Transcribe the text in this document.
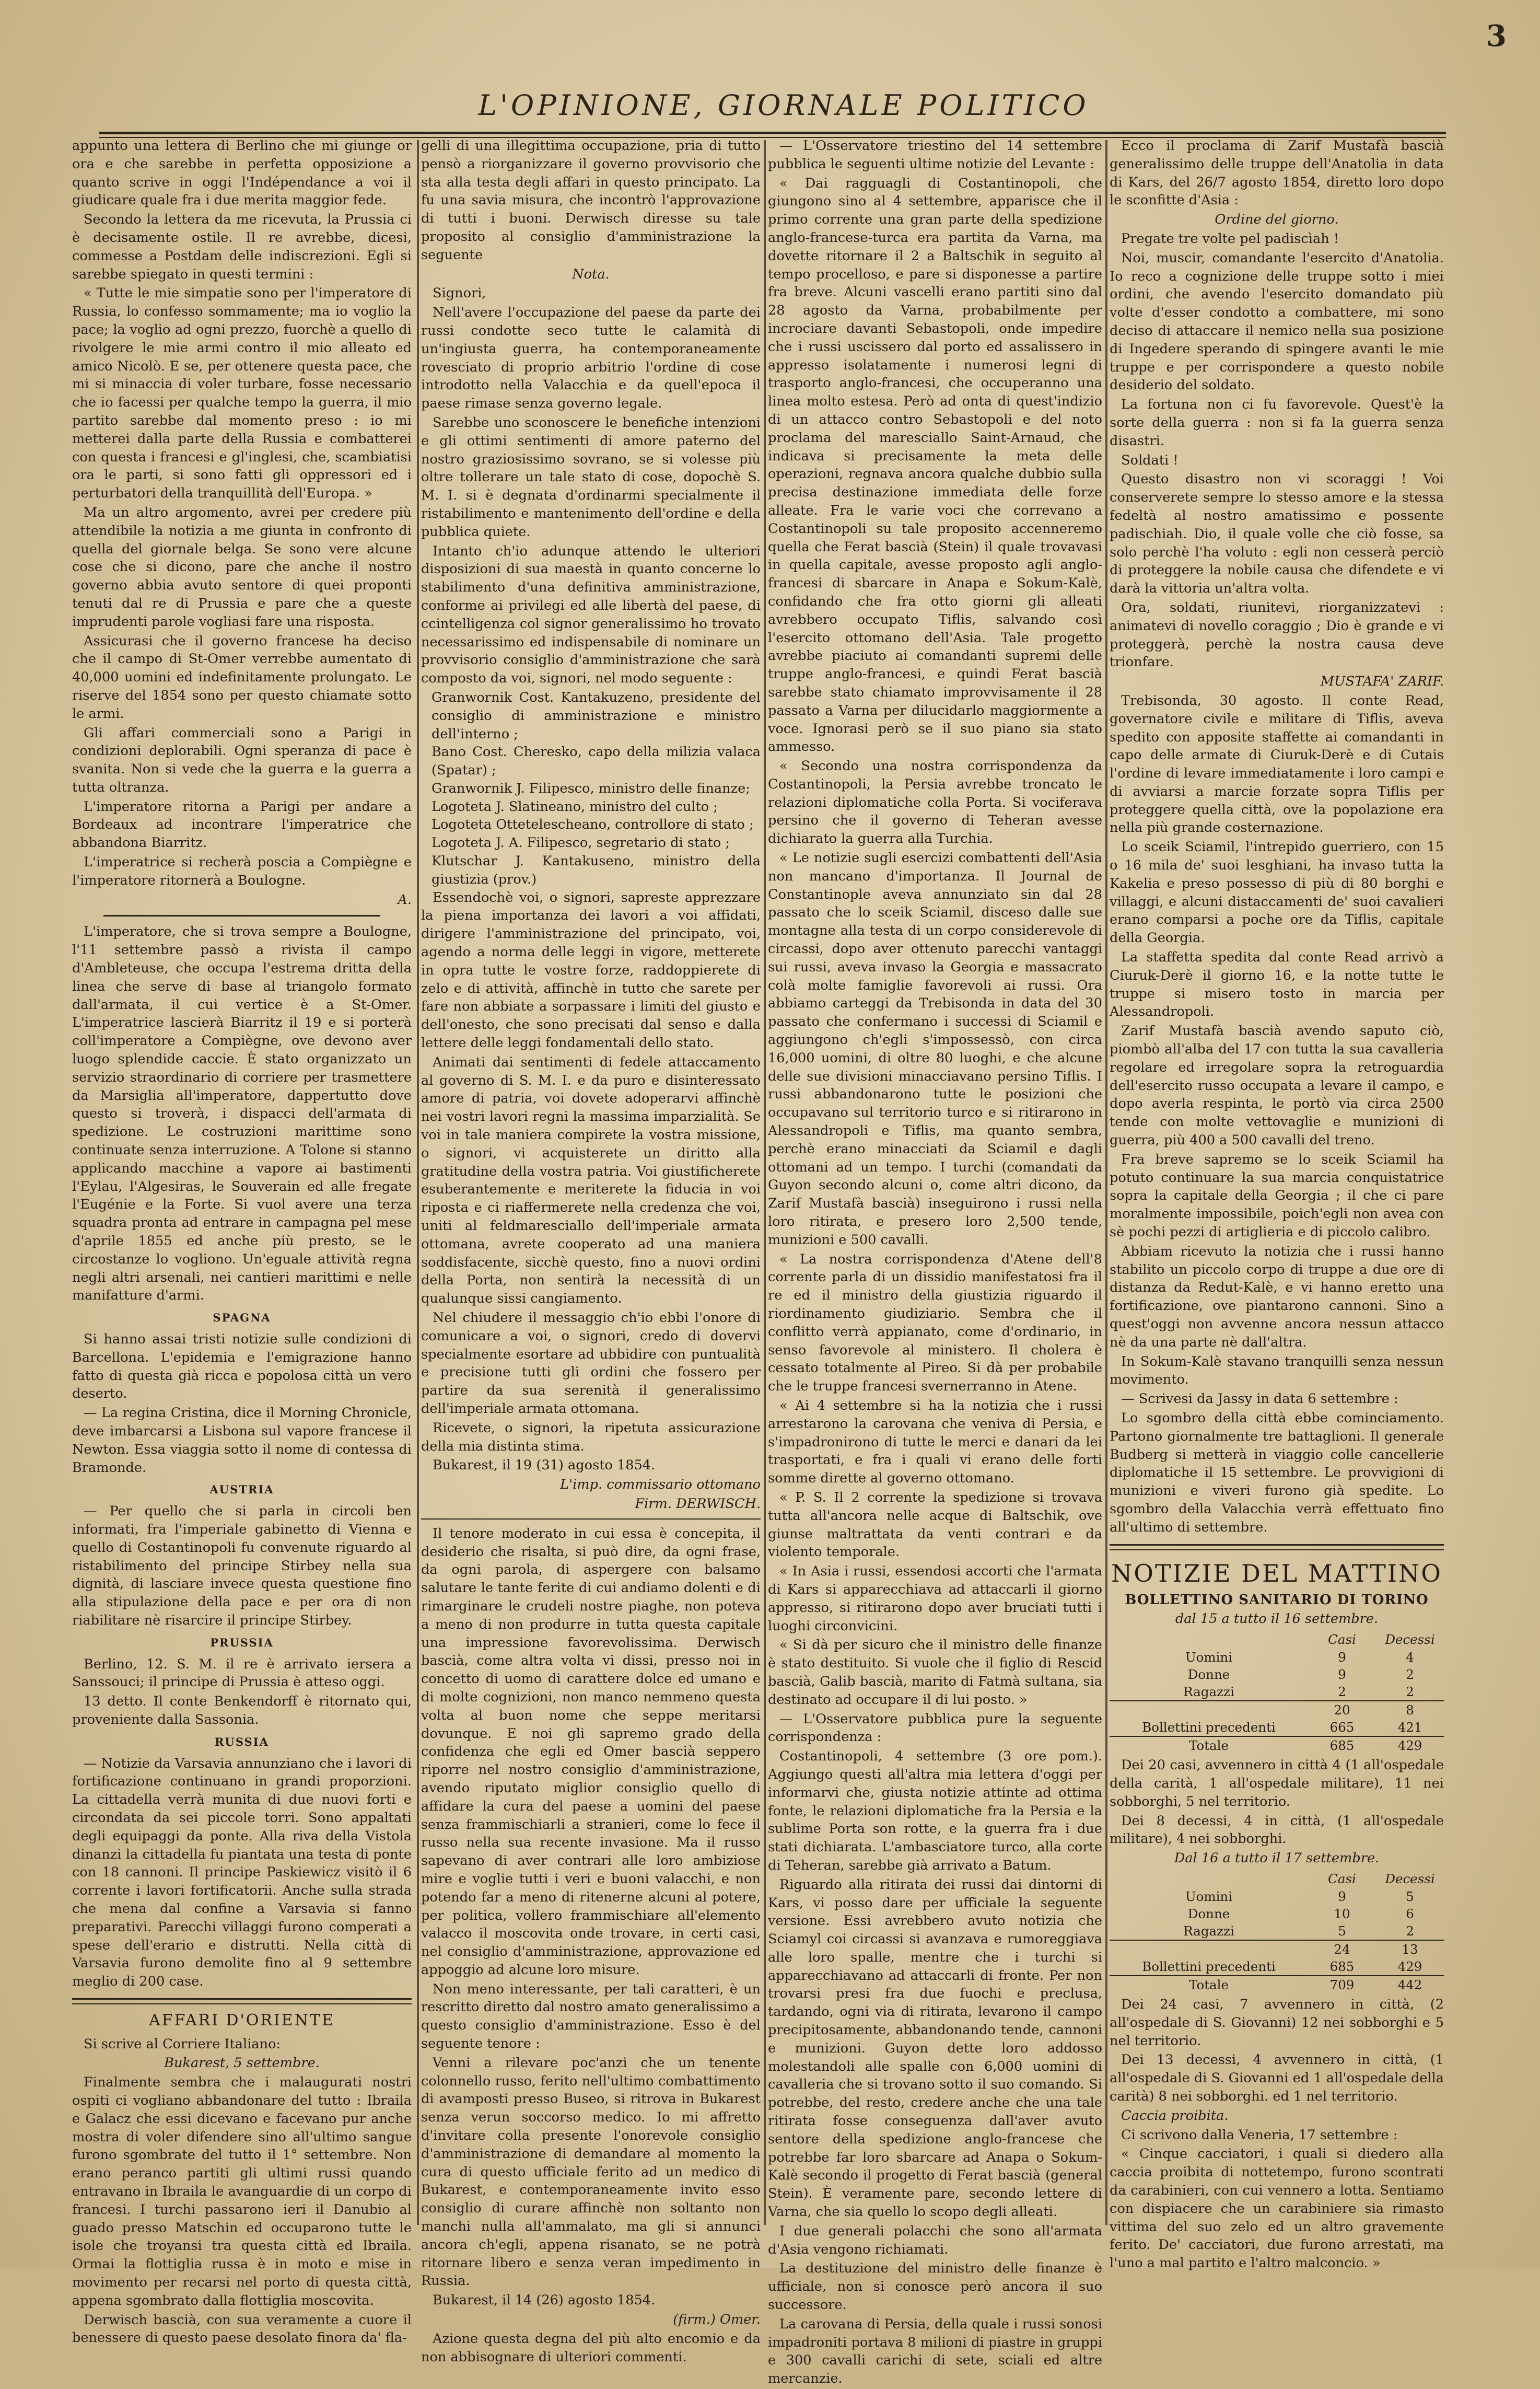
3
L'OPINIONE, GIORNALE POLITICO

appunto una lettera di Berlino che mi giunge or ora e che sarebbe in perfetta opposizione a quanto scrive in oggi l'Indépendance a voi il giudicare quale fra i due merita maggior fede.

Secondo la lettera da me ricevuta, la Prussia ci è decisamente ostile. Il re avrebbe, dicesi, commesse a Postdam delle indiscrezioni. Egli si sarebbe spiegato in questi termini :

« Tutte le mie simpatie sono per l'imperatore di Russia, lo confesso sommamente; ma io voglio la pace; la voglio ad ogni prezzo, fuorchè a quello di rivolgere le mie armi contro il mio alleato ed amico Nicolò. E se, per ottenere questa pace, che mi si minaccia di voler turbare, fosse necessario che io facessi per qualche tempo la guerra, il mio partito sarebbe dal momento preso : io mi metterei dalla parte della Russia e combatterei con questa i francesi e gl'inglesi, che, scambiatisi ora le parti, si sono fatti gli oppressori ed i perturbatori della tranquillità dell'Europa. »

Ma un altro argomento, avrei per credere più attendibile la notizia a me giunta in confronto di quella del giornale belga. Se sono vere alcune cose che si dicono, pare che anche il nostro governo abbia avuto sentore di quei proponti tenuti dal re di Prussia e pare che a queste imprudenti parole vogliasi fare una risposta.

Assicurasi che il governo francese ha deciso che il campo di St-Omer verrebbe aumentato di 40,000 uomini ed indefinitamente prolungato. Le riserve del 1854 sono per questo chiamate sotto le armi.

Gli affari commerciali sono a Parigi in condizioni deplorabili. Ogni speranza di pace è svanita. Non si vede che la guerra e la guerra a tutta oltranza.

L'imperatore ritorna a Parigi per andare a Bordeaux ad incontrare l'imperatrice che abbandona Biarritz.

L'imperatrice si recherà poscia a Compiègne e l'imperatore ritornerà a Boulogne.

A.

L'imperatore, che si trova sempre a Boulogne, l'11 settembre passò a rivista il campo d'Ambleteuse, che occupa l'estrema dritta della linea che serve di base al triangolo formato dall'armata, il cui vertice è a St-Omer. L'imperatrice lascierà Biarritz il 19 e si porterà coll'imperatore a Compiègne, ove devono aver luogo splendide caccie. È stato organizzato un servizio straordinario di corriere per trasmettere da Marsiglia all'imperatore, dappertutto dove questo si troverà, i dispacci dell'armata di spedizione. Le costruzioni marittime sono continuate senza interruzione. A Tolone si stanno applicando macchine a vapore ai bastimenti l'Eylau, l'Algesiras, le Souverain ed alle fregate l'Eugénie e la Forte. Si vuol avere una terza squadra pronta ad entrare in campagna pel mese d'aprile 1855 ed anche più presto, se le circostanze lo vogliono. Un'eguale attività regna negli altri arsenali, nei cantieri marittimi e nelle manifatture d'armi.

SPAGNA

Si hanno assai tristi notizie sulle condizioni di Barcellona. L'epidemia e l'emigrazione hanno fatto di questa già ricca e popolosa città un vero deserto.

— La regina Cristina, dice il Morning Chronicle, deve imbarcarsi a Lisbona sul vapore francese il Newton. Essa viaggia sotto il nome di contessa di Bramonde.

AUSTRIA

— Per quello che si parla in circoli ben informati, fra l'imperiale gabinetto di Vienna e quello di Costantinopoli fu convenute riguardo al ristabilimento del principe Stirbey nella sua dignità, di lasciare invece questa questione fino alla stipulazione della pace e per ora di non riabilitare nè risarcire il principe Stirbey.

PRUSSIA

Berlino, 12. S. M. il re è arrivato iersera a Sanssouci; il principe di Prussia è atteso oggi.

13 detto. Il conte Benkendorff è ritornato qui, proveniente dalla Sassonia.

RUSSIA

— Notizie da Varsavia annunziano che i lavori di fortificazione continuano in grandi proporzioni. La cittadella verrà munita di due nuovi forti e circondata da sei piccole torri. Sono appaltati degli equipaggi da ponte. Alla riva della Vistola dinanzi la cittadella fu piantata una testa di ponte con 18 cannoni. Il principe Paskiewicz visitò il 6 corrente i lavori fortificatorii. Anche sulla strada che mena dal confine a Varsavia si fanno preparativi. Parecchi villaggi furono comperati a spese dell'erario e distrutti. Nella città di Varsavia furono demolite fino al 9 settembre meglio di 200 case.

AFFARI D'ORIENTE

Si scrive al Corriere Italiano:

Bukarest, 5 settembre.

Finalmente sembra che i malaugurati nostri ospiti ci vogliano abbandonare del tutto : Ibraila e Galacz che essi dicevano e facevano pur anche mostra di voler difendere sino all'ultimo sangue furono sgombrate del tutto il 1° settembre. Non erano peranco partiti gli ultimi russi quando entravano in Ibraila le avanguardie di un corpo di francesi. I turchi passarono ieri il Danubio al guado presso Matschin ed occuparono tutte le isole che troyansi tra questa città ed Ibraila. Ormai la flottiglia russa è in moto e mise in movimento per recarsi nel porto di questa città, appena sgombrato dalla flottiglia moscovita.

Derwisch bascià, con sua veramente a cuore il benessere di questo paese desolato finora da' fla-

gelli di una illegittima occupazione, pria di tutto pensò a riorganizzare il governo provvisorio che sta alla testa degli affari in questo principato. La fu una savia misura, che incontrò l'approvazione di tutti i buoni. Derwisch diresse su tale proposito al consiglio d'amministrazione la seguente

Nota.

Signori,

Nell'avere l'occupazione del paese da parte dei russi condotte seco tutte le calamità di un'ingiusta guerra, ha contemporaneamente rovesciato di proprio arbitrio l'ordine di cose introdotto nella Valacchia e da quell'epoca il paese rimase senza governo legale.

Sarebbe uno sconoscere le benefiche intenzioni e gli ottimi sentimenti di amore paterno del nostro graziosissimo sovrano, se si volesse più oltre tollerare un tale stato di cose, dopochè S. M. I. si è degnata d'ordinarmi specialmente il ristabilimento e mantenimento dell'ordine e della pubblica quiete.

Intanto ch'io adunque attendo le ulteriori disposizioni di sua maestà in quanto concerne lo stabilimento d'una definitiva amministrazione, conforme ai privilegi ed alle libertà del paese, di ccintelligenza col signor generalissimo ho trovato necessarissimo ed indispensabile di nominare un provvisorio consiglio d'amministrazione che sarà composto da voi, signori, nel modo seguente :

Granwornik Cost. Kantakuzeno, presidente del consiglio di amministrazione e ministro dell'interno ;

Bano Cost. Cheresko, capo della milizia valaca (Spatar) ;

Granwornik J. Filipesco, ministro delle finanze;

Logoteta J. Slatineano, ministro del culto ;

Logoteta Ottetelescheano, controllore di stato ;

Logoteta J. A. Filipesco, segretario di stato ;

Klutschar J. Kantakuseno, ministro della giustizia (prov.)

Essendochè voi, o signori, sapreste apprezzare la piena importanza dei lavori a voi affidati, dirigere l'amministrazione del principato, voi, agendo a norma delle leggi in vigore, metterete in opra tutte le vostre forze, raddoppierete di zelo e di attività, affinchè in tutto che sarete per fare non abbiate a sorpassare i limiti del giusto e dell'onesto, che sono precisati dal senso e dalla lettere delle leggi fondamentali dello stato.

Animati dai sentimenti di fedele attaccamento al governo di S. M. I. e da puro e disinteressato amore di patria, voi dovete adoperarvi affinchè nei vostri lavori regni la massima imparzialità. Se voi in tale maniera compirete la vostra missione, o signori, vi acquisterete un diritto alla gratitudine della vostra patria. Voi giustificherete esuberantemente e meriterete la fiducia in voi riposta e ci riaffermerete nella credenza che voi, uniti al feldmaresciallo dell'imperiale armata ottomana, avrete cooperato ad una maniera soddisfacente, sicchè questo, fino a nuovi ordini della Porta, non sentirà la necessità di un qualunque sissi cangiamento.

Nel chiudere il messaggio ch'io ebbi l'onore di comunicare a voi, o signori, credo di dovervi specialmente esortare ad ubbidire con puntualità e precisione tutti gli ordini che fossero per partire da sua serenità il generalissimo dell'imperiale armata ottomana.

Ricevete, o signori, la ripetuta assicurazione della mia distinta stima.

Bukarest, il 19 (31) agosto 1854.

L'imp. commissario ottomano

Firm. DERWISCH.

Il tenore moderato in cui essa è concepita, il desiderio che risalta, si può dire, da ogni frase, da ogni parola, di aspergere con balsamo salutare le tante ferite di cui andiamo dolenti e di rimarginare le crudeli nostre piaghe, non poteva a meno di non produrre in tutta questa capitale una impressione favorevolissima. Derwisch bascià, come altra volta vi dissi, presso noi in concetto di uomo di carattere dolce ed umano e di molte cognizioni, non manco nemmeno questa volta al buon nome che seppe meritarsi dovunque. E noi gli sapremo grado della confidenza che egli ed Omer bascià seppero riporre nel nostro consiglio d'amministrazione, avendo riputato miglior consiglio quello di affidare la cura del paese a uomini del paese senza frammischiarli a stranieri, come lo fece il russo nella sua recente invasione. Ma il russo sapevano di aver contrari alle loro ambiziose mire e voglie tutti i veri e buoni valacchi, e non potendo far a meno di ritenerne alcuni al potere, per politica, vollero frammischiare all'elemento valacco il moscovita onde trovare, in certi casi, nel consiglio d'amministrazione, approvazione ed appoggio ad alcune loro misure.

Non meno interessante, per tali caratteri, è un rescritto diretto dal nostro amato generalissimo a questo consiglio d'amministrazione. Esso è del seguente tenore :

Venni a rilevare poc'anzi che un tenente colonnello russo, ferito nell'ultimo combattimento di avamposti presso Buseo, si ritrova in Bukarest senza verun soccorso medico. Io mi affretto d'invitare colla presente l'onorevole consiglio d'amministrazione di demandare al momento la cura di questo ufficiale ferito ad un medico di Bukarest, e contemporaneamente invito esso consiglio di curare affinchè non soltanto non manchi nulla all'ammalato, ma gli si annunci ancora ch'egli, appena risanato, se ne potrà ritornare libero e senza veran impedimento in Russia.

Bukarest, il 14 (26) agosto 1854.

(firm.) Omer.

Azione questa degna del più alto encomio e da non abbisognare di ulteriori commenti.

— L'Osservatore triestino del 14 settembre pubblica le seguenti ultime notizie del Levante :

« Dai ragguagli di Costantinopoli, che giungono sino al 4 settembre, apparisce che il primo corrente una gran parte della spedizione anglo-francese-turca era partita da Varna, ma dovette ritornare il 2 a Baltschik in seguito al tempo procelloso, e pare si disponesse a partire fra breve. Alcuni vascelli erano partiti sino dal 28 agosto da Varna, probabilmente per incrociare davanti Sebastopoli, onde impedire che i russi uscissero dal porto ed assalissero in appresso isolatamente i numerosi legni di trasporto anglo-francesi, che occuperanno una linea molto estesa. Però ad onta di quest'indizio di un attacco contro Sebastopoli e del noto proclama del maresciallo Saint-Arnaud, che indicava si precisamente la meta delle operazioni, regnava ancora qualche dubbio sulla precisa destinazione immediata delle forze alleate. Fra le varie voci che correvano a Costantinopoli su tale proposito accenneremo quella che Ferat bascià (Stein) il quale trovavasi in quella capitale, avesse proposto agli anglo-francesi di sbarcare in Anapa e Sokum-Kalè, confidando che fra otto giorni gli alleati avrebbero occupato Tiflis, salvando così l'esercito ottomano dell'Asia. Tale progetto avrebbe piaciuto ai comandanti supremi delle truppe anglo-francesi, e quindi Ferat bascià sarebbe stato chiamato improvvisamente il 28 passato a Varna per dilucidarlo maggiormente a voce. Ignorasi però se il suo piano sia stato ammesso.

« Secondo una nostra corrispondenza da Costantinopoli, la Persia avrebbe troncato le relazioni diplomatiche colla Porta. Si vociferava persino che il governo di Teheran avesse dichiarato la guerra alla Turchia.

« Le notizie sugli esercizi combattenti dell'Asia non mancano d'importanza. Il Journal de Constantinople aveva annunziato sin dal 28 passato che lo sceik Sciamil, disceso dalle sue montagne alla testa di un corpo considerevole di circassi, dopo aver ottenuto parecchi vantaggi sui russi, aveva invaso la Georgia e massacrato colà molte famiglie favorevoli ai russi. Ora abbiamo carteggi da Trebisonda in data del 30 passato che confermano i successi di Sciamil e aggiungono ch'egli s'impossessò, con circa 16,000 uomini, di oltre 80 luoghi, e che alcune delle sue divisioni minacciavano persino Tiflis. I russi abbandonarono tutte le posizioni che occupavano sul territorio turco e si ritirarono in Alessandropoli e Tiflis, ma quanto sembra, perchè erano minacciati da Sciamil e dagli ottomani ad un tempo. I turchi (comandati da Guyon secondo alcuni o, come altri dicono, da Zarif Mustafà bascià) inseguirono i russi nella loro ritirata, e presero loro 2,500 tende, munizioni e 500 cavalli.

« La nostra corrispondenza d'Atene dell'8 corrente parla di un dissidio manifestatosi fra il re ed il ministro della giustizia riguardo il riordinamento giudiziario. Sembra che il conflitto verrà appianato, come d'ordinario, in senso favorevole al ministero. Il cholera è cessato totalmente al Pireo. Si dà per probabile che le truppe francesi svernerranno in Atene.

« Ai 4 settembre si ha la notizia che i russi arrestarono la carovana che veniva di Persia, e s'impadronirono di tutte le merci e danari da lei trasportati, e fra i quali vi erano delle forti somme dirette al governo ottomano.

« P. S. Il 2 corrente la spedizione si trovava tutta all'ancora nelle acque di Baltschik, ove giunse maltrattata da venti contrari e da violento temporale.

« In Asia i russi, essendosi accorti che l'armata di Kars si apparecchiava ad attaccarli il giorno appresso, si ritirarono dopo aver bruciati tutti i luoghi circonvicini.

« Si dà per sicuro che il ministro delle finanze è stato destituito. Si vuole che il figlio di Rescid bascià, Galib bascià, marito di Fatmà sultana, sia destinato ad occupare il di lui posto. »

— L'Osservatore pubblica pure la seguente corrispondenza :

Costantinopoli, 4 settembre (3 ore pom.). Aggiungo questi all'altra mia lettera d'oggi per informarvi che, giusta notizie attinte ad ottima fonte, le relazioni diplomatiche fra la Persia e la sublime Porta son rotte, e la guerra fra i due stati dichiarata. L'ambasciatore turco, alla corte di Teheran, sarebbe già arrivato a Batum.

Riguardo alla ritirata dei russi dai dintorni di Kars, vi posso dare per ufficiale la seguente versione. Essi avrebbero avuto notizia che Sciamyl coi circassi si avanzava e rumoreggiava alle loro spalle, mentre che i turchi si apparecchiavano ad attaccarli di fronte. Per non trovarsi presi fra due fuochi e preclusa, tardando, ogni via di ritirata, levarono il campo precipitosamente, abbandonando tende, cannoni e munizioni. Guyon dette loro addosso molestandoli alle spalle con 6,000 uomini di cavalleria che si trovano sotto il suo comando. Si potrebbe, del resto, credere anche che una tale ritirata fosse conseguenza dall'aver avuto sentore della spedizione anglo-francese che potrebbe far loro sbarcare ad Anapa o Sokum-Kalè secondo il progetto di Ferat bascià (general Stein). È veramente pare, secondo lettere di Varna, che sia quello lo scopo degli alleati.

I due generali polacchi che sono all'armata d'Asia vengono richiamati.

La destituzione del ministro delle finanze è ufficiale, non si conosce però ancora il suo successore.

La carovana di Persia, della quale i russi sonosi impadroniti portava 8 milioni di piastre in gruppi e 300 cavalli carichi di sete, sciali ed altre mercanzie.

Ecco il proclama di Zarif Mustafà bascià generalissimo delle truppe dell'Anatolia in data di Kars, del 26/7 agosto 1854, diretto loro dopo le sconfitte d'Asia :

Ordine del giorno.

Pregate tre volte pel padiscìah !

Noi, muscir, comandante l'esercito d'Anatolia. Io reco a cognizione delle truppe sotto i miei ordini, che avendo l'esercito domandato più volte d'esser condotto a combattere, mi sono deciso di attaccare il nemico nella sua posizione di Ingedere sperando di spingere avanti le mie truppe e per corrispondere a questo nobile desiderio del soldato.

La fortuna non ci fu favorevole. Quest'è la sorte della guerra : non si fa la guerra senza disastri.

Soldati !

Questo disastro non vi scoraggi ! Voi conserverete sempre lo stesso amore e la stessa fedeltà al nostro amatissimo e possente padischiah. Dio, il quale volle che ciò fosse, sa solo perchè l'ha voluto : egli non cesserà perciò di proteggere la nobile causa che difendete e vi darà la vittoria un'altra volta.

Ora, soldati, riunitevi, riorganizzatevi : animatevi di novello coraggio ; Dio è grande e vi proteggerà, perchè la nostra causa deve trionfare.

MUSTAFA' ZARIF.

Trebisonda, 30 agosto. Il conte Read, governatore civile e militare di Tiflis, aveva spedito con apposite staffette ai comandanti in capo delle armate di Ciuruk-Derè e di Cutais l'ordine di levare immediatamente i loro campi e di avviarsi a marcie forzate sopra Tiflis per proteggere quella città, ove la popolazione era nella più grande costernazione.

Lo sceik Sciamil, l'intrepido guerriero, con 15 o 16 mila de' suoi lesghiani, ha invaso tutta la Kakelia e preso possesso di più di 80 borghi e villaggi, e alcuni distaccamenti de' suoi cavalieri erano comparsi a poche ore da Tiflis, capitale della Georgia.

La staffetta spedita dal conte Read arrivò a Ciuruk-Derè il giorno 16, e la notte tutte le truppe si misero tosto in marcia per Alessandropoli.

Zarif Mustafà bascià avendo saputo ciò, piombò all'alba del 17 con tutta la sua cavalleria regolare ed irregolare sopra la retroguardia dell'esercito russo occupata a levare il campo, e dopo averla respinta, le portò via circa 2500 tende con molte vettovaglie e munizioni di guerra, più 400 a 500 cavalli del treno.

Fra breve sapremo se lo sceik Sciamil ha potuto continuare la sua marcia conquistatrice sopra la capitale della Georgia ; il che ci pare moralmente impossibile, poich'egli non avea con sè pochi pezzi di artiglieria e di piccolo calibro.

Abbiam ricevuto la notizia che i russi hanno stabilito un piccolo corpo di truppe a due ore di distanza da Redut-Kalè, e vi hanno eretto una fortificazione, ove piantarono cannoni. Sino a quest'oggi non avvenne ancora nessun attacco nè da una parte nè dall'altra.

In Sokum-Kalè stavano tranquilli senza nessun movimento.

— Scrivesi da Jassy in data 6 settembre :

Lo sgombro della città ebbe cominciamento. Partono giornalmente tre battaglioni. Il generale Budberg si metterà in viaggio colle cancellerie diplomatiche il 15 settembre. Le provvigioni di munizioni e viveri furono già spedite. Lo sgombro della Valacchia verrà effettuato fino all'ultimo di settembre.

NOTIZIE DEL MATTINO

BOLLETTINO SANITARIO DI TORINO

dal 15 a tutto il 16 settembre.

	Casi	Decessi
Uomini	9	4
Donne	9	2
Ragazzi	2	2
	20	8
Bollettini precedenti	665	421
Totale	685	429

Dei 20 casi, avvennero in città 4 (1 all'ospedale della carità, 1 all'ospedale militare), 11 nei sobborghi, 5 nel territorio.

Dei 8 decessi, 4 in città, (1 all'ospedale militare), 4 nei sobborghi.

Dal 16 a tutto il 17 settembre.

	Casi	Decessi
Uomini	9	5
Donne	10	6
Ragazzi	5	2
	24	13
Bollettini precedenti	685	429
Totale	709	442

Dei 24 casi, 7 avvennero in città, (2 all'ospedale di S. Giovanni) 12 nei sobborghi e 5 nel territorio.

Dei 13 decessi, 4 avvennero in città, (1 all'ospedale di S. Giovanni ed 1 all'ospedale della carità) 8 nei sobborghi. ed 1 nel territorio.

Caccia proibita.

Ci scrivono dalla Veneria, 17 settembre :

« Cinque cacciatori, i quali si diedero alla caccia proibita di nottetempo, furono scontrati da carabinieri, con cui vennero a lotta. Sentiamo con dispiacere che un carabiniere sia rimasto vittima del suo zelo ed un altro gravemente ferito. De' cacciatori, due furono arrestati, ma l'uno a mal partito e l'altro malconcio. »
